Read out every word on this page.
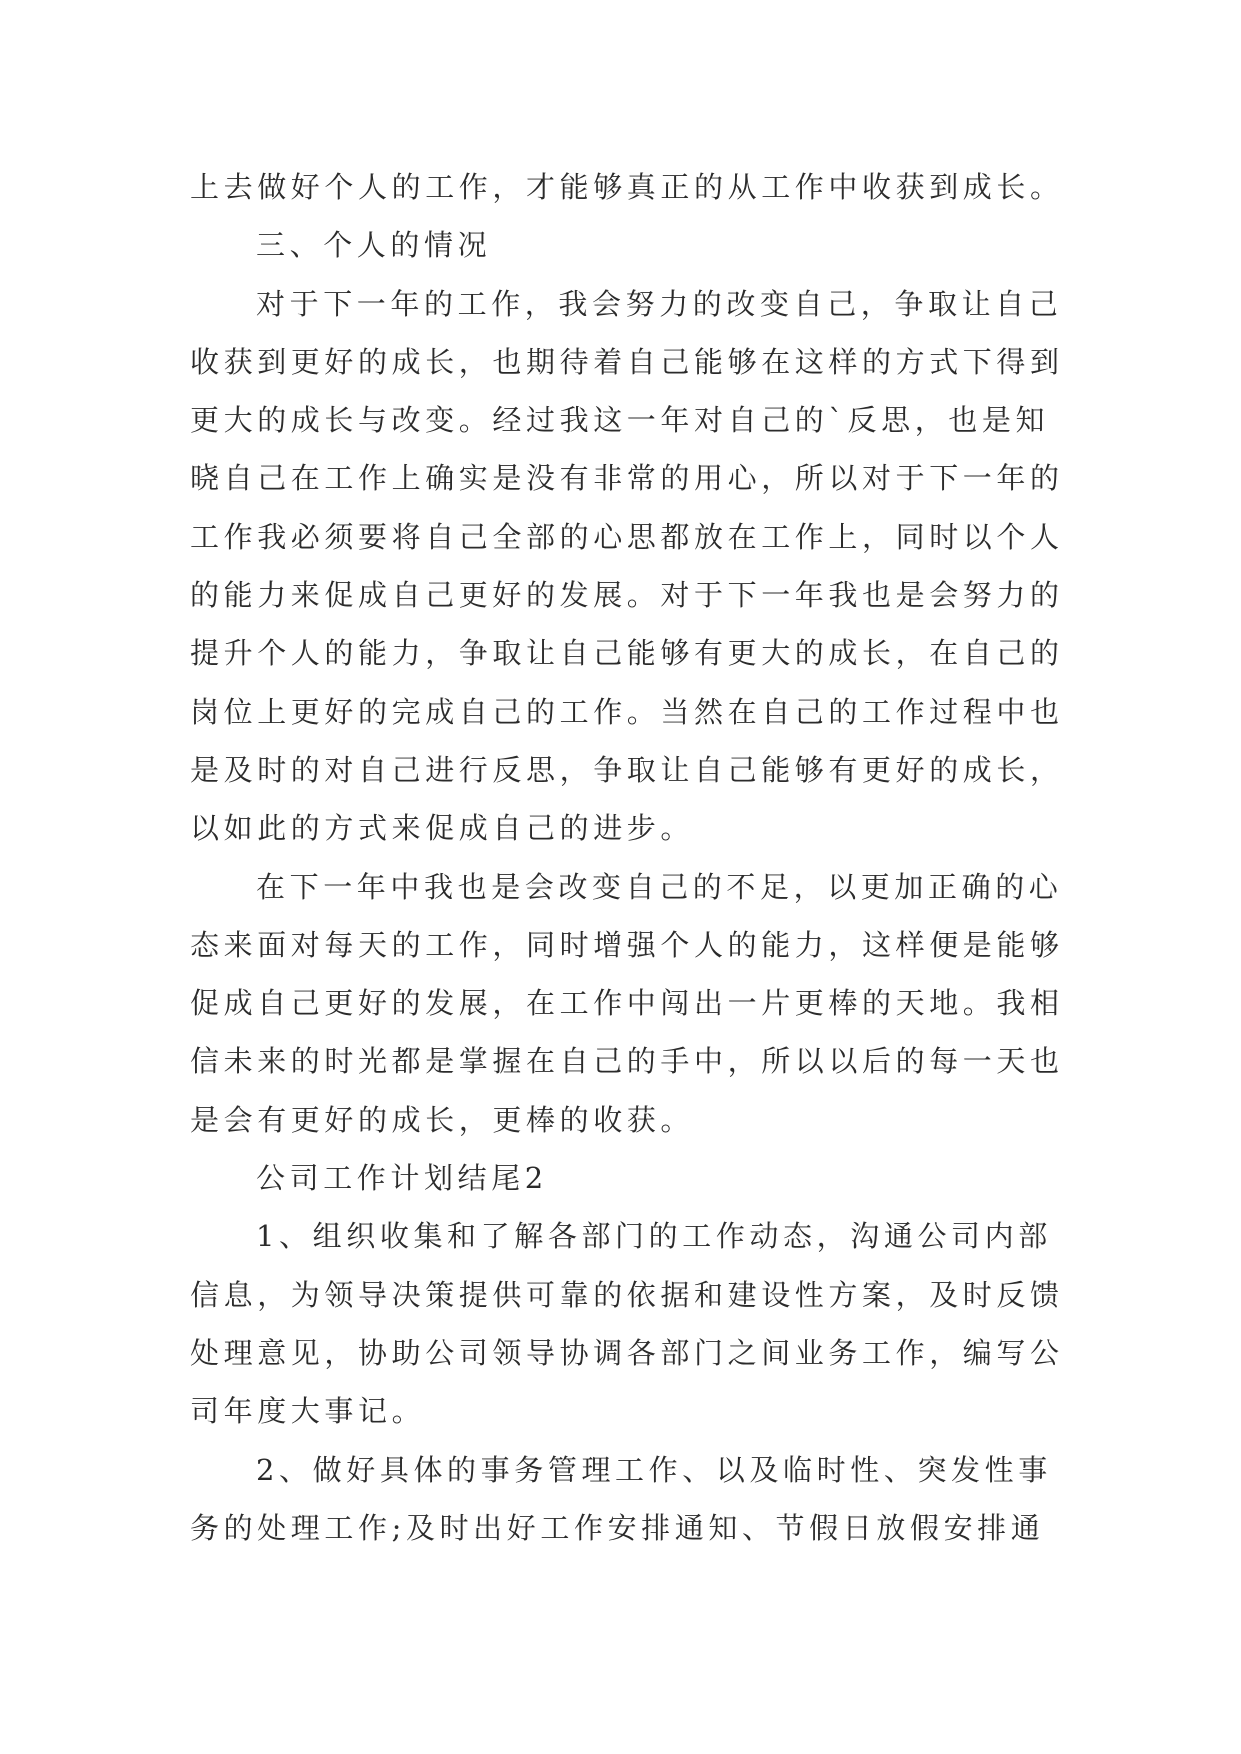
上去做好个人的工作，才能够真正的从工作中收获到成长。
三、个人的情况
对于下一年的工作，我会努力的改变自己，争取让自己
收获到更好的成长，也期待着自己能够在这样的方式下得到
更大的成长与改变。经过我这一年对自己的`反思，也是知
晓自己在工作上确实是没有非常的用心，所以对于下一年的
工作我必须要将自己全部的心思都放在工作上，同时以个人
的能力来促成自己更好的发展。对于下一年我也是会努力的
提升个人的能力，争取让自己能够有更大的成长，在自己的
岗位上更好的完成自己的工作。当然在自己的工作过程中也
是及时的对自己进行反思，争取让自己能够有更好的成长，
以如此的方式来促成自己的进步。
在下一年中我也是会改变自己的不足，以更加正确的心
态来面对每天的工作，同时增强个人的能力，这样便是能够
促成自己更好的发展，在工作中闯出一片更棒的天地。我相
信未来的时光都是掌握在自己的手中，所以以后的每一天也
是会有更好的成长，更棒的收获。
公司工作计划结尾2
1、组织收集和了解各部门的工作动态，沟通公司内部
信息，为领导决策提供可靠的依据和建设性方案，及时反馈
处理意见，协助公司领导协调各部门之间业务工作，编写公
司年度大事记。
2、做好具体的事务管理工作、以及临时性、突发性事
务的处理工作;及时出好工作安排通知、节假日放假安排通
